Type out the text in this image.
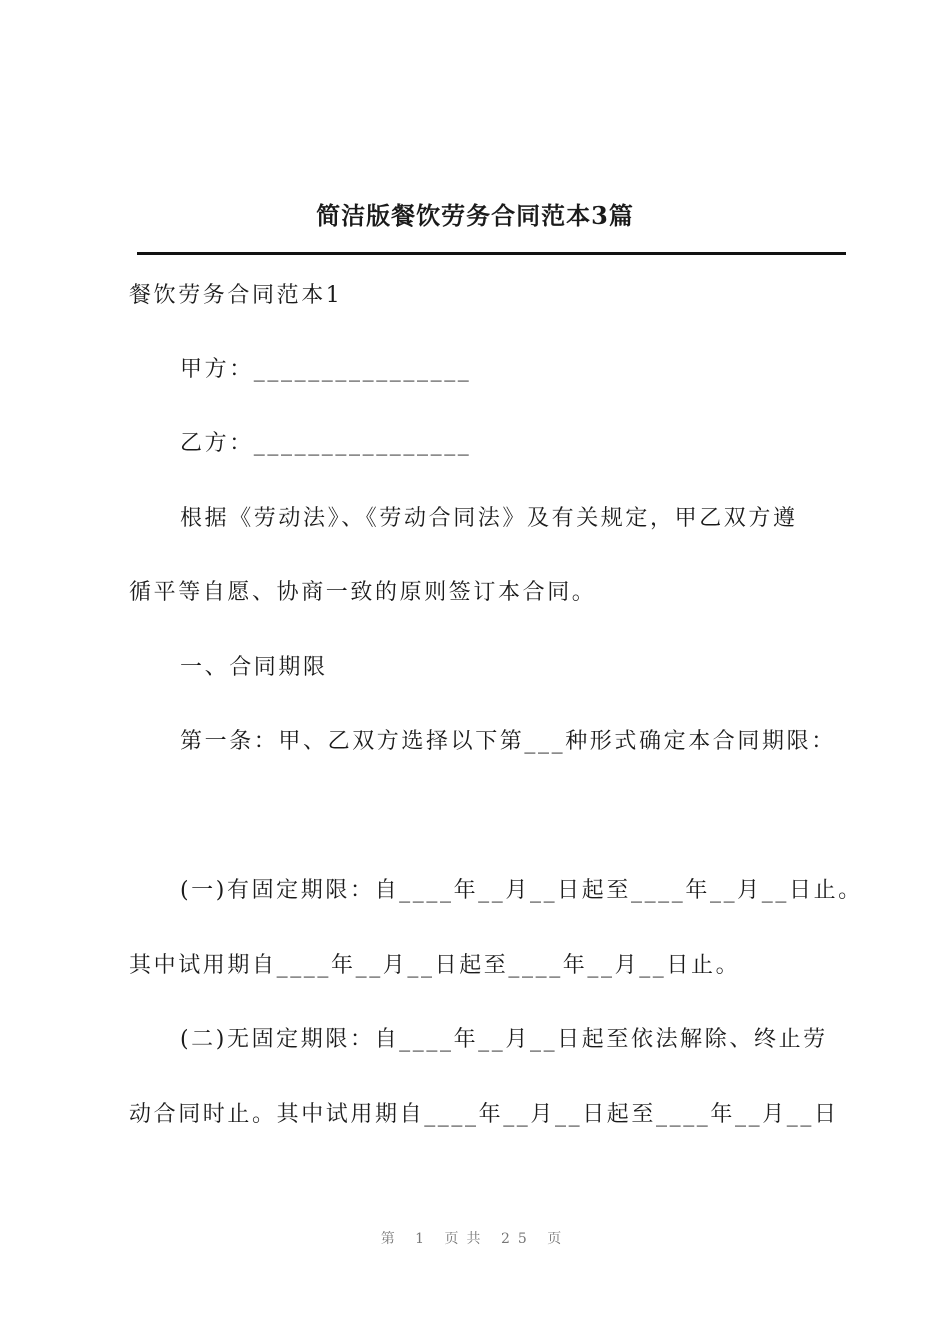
简洁版餐饮劳务合同范本3篇
餐饮劳务合同范本1
甲方：________________
乙方：________________
根据《劳动法》、《劳动合同法》及有关规定，甲乙双方遵
循平等自愿、协商一致的原则签订本合同。
一、合同期限
第一条：甲、乙双方选择以下第___种形式确定本合同期限：
(一)有固定期限：自____年__月__日起至____年__月__日止。
其中试用期自____年__月__日起至____年__月__日止。
(二)无固定期限：自____年__月__日起至依法解除、终止劳
动合同时止。其中试用期自____年__月__日起至____年__月__日
第 1 页共 25 页
